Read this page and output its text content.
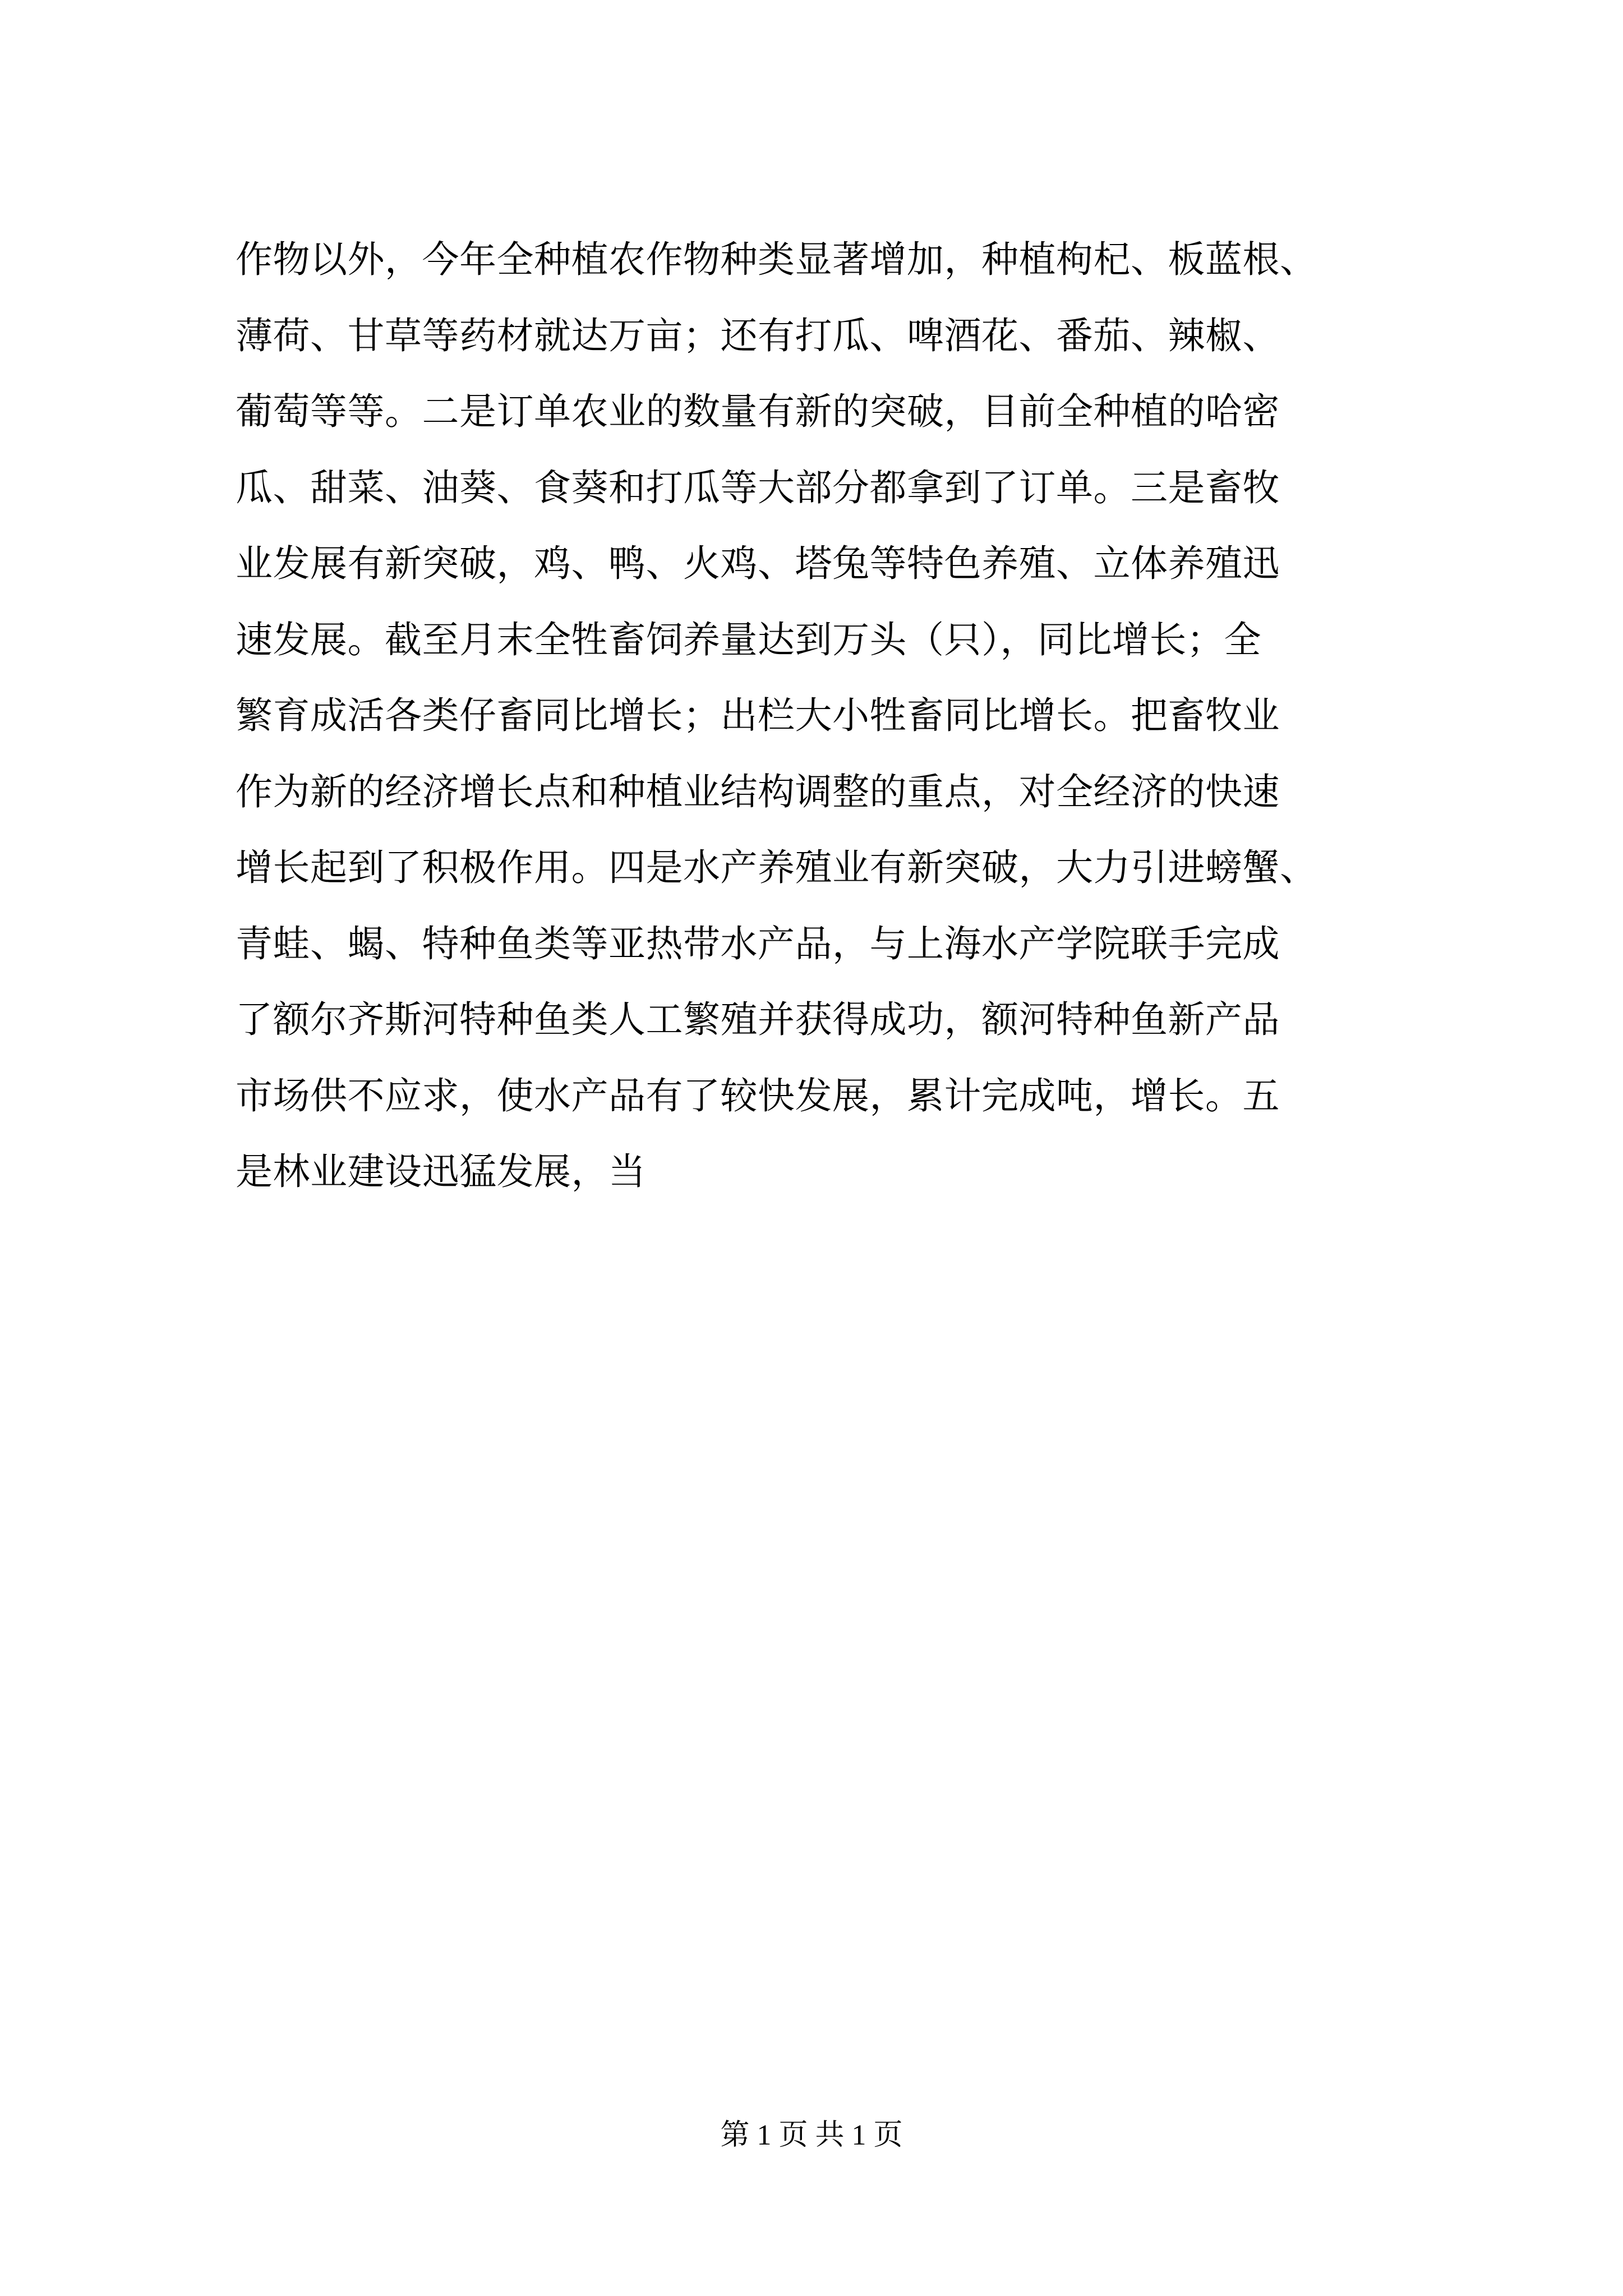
作物以外，今年全种植农作物种类显著增加，种植枸杞、板蓝根、
薄荷、甘草等药材就达万亩；还有打瓜、啤酒花、番茄、辣椒、
葡萄等等。二是订单农业的数量有新的突破，目前全种植的哈密
瓜、甜菜、油葵、食葵和打瓜等大部分都拿到了订单。三是畜牧
业发展有新突破，鸡、鸭、火鸡、塔兔等特色养殖、立体养殖迅
速发展。截至月末全牲畜饲养量达到万头（只），同比增长；全
繁育成活各类仔畜同比增长；出栏大小牲畜同比增长。把畜牧业
作为新的经济增长点和种植业结构调整的重点，对全经济的快速
增长起到了积极作用。四是水产养殖业有新突破，大力引进螃蟹、
青蛙、蝎、特种鱼类等亚热带水产品，与上海水产学院联手完成
了额尔齐斯河特种鱼类人工繁殖并获得成功，额河特种鱼新产品
市场供不应求，使水产品有了较快发展，累计完成吨，增长。五
是林业建设迅猛发展，当
第 1 页 共 1 页
